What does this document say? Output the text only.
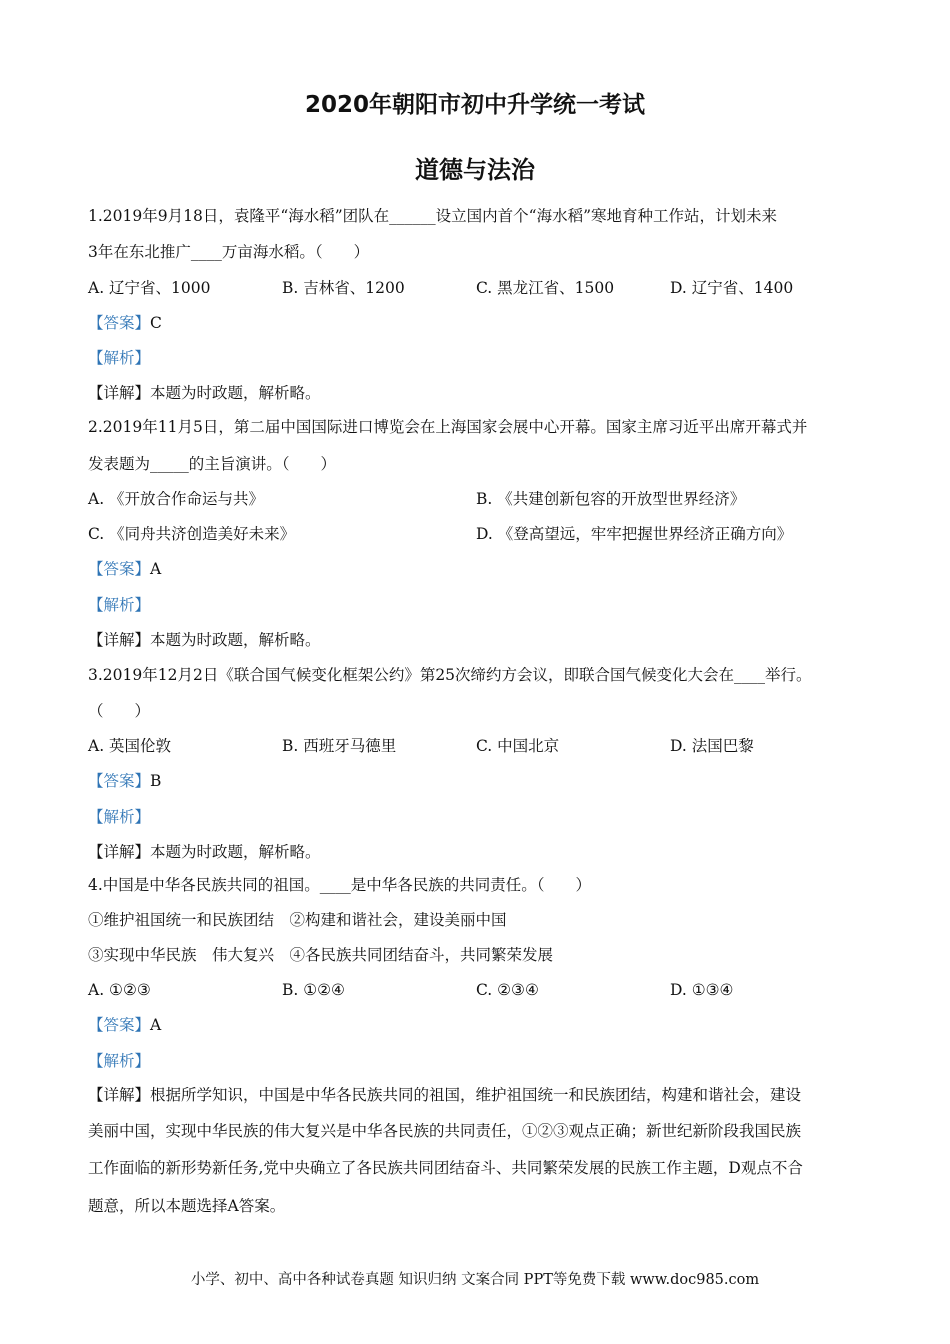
2020年朝阳市初中升学统一考试
道德与法治
1.2019年9月18日，袁隆平“海水稻”团队在______设立国内首个“海水稻”寒地育种工作站，计划未来
3年在东北推广____万亩海水稻。（　　）
A. 辽宁省、1000	B. 吉林省、1200	C. 黑龙江省、1500	D. 辽宁省、1400
【答案】C
【解析】
【详解】本题为时政题，解析略。
2.2019年11月5日，第二届中国国际进口博览会在上海国家会展中心开幕。国家主席习近平出席开幕式并
发表题为_____的主旨演讲。（　　）
A. 《开放合作命运与共》	B. 《共建创新包容的开放型世界经济》
C. 《同舟共济创造美好未来》	D. 《登高望远，牢牢把握世界经济正确方向》
【答案】A
【解析】
【详解】本题为时政题，解析略。
3.2019年12月2日《联合国气候变化框架公约》第25次缔约方会议，即联合国气候变化大会在____举行。
（　　）
A. 英国伦敦	B. 西班牙马德里	C. 中国北京	D. 法国巴黎
【答案】B
【解析】
【详解】本题为时政题，解析略。
4.中国是中华各民族共同的祖国。____是中华各民族的共同责任。（　　）
①维护祖国统一和民族团结　②构建和谐社会，建设美丽中国
③实现中华民族　伟大复兴　④各民族共同团结奋斗，共同繁荣发展
A. ①②③	B. ①②④	C. ②③④	D. ①③④
【答案】A
【解析】
【详解】根据所学知识，中国是中华各民族共同的祖国，维护祖国统一和民族团结，构建和谐社会，建设
美丽中国，实现中华民族的伟大复兴是中华各民族的共同责任，①②③观点正确；新世纪新阶段我国民族
工作面临的新形势新任务,党中央确立了各民族共同团结奋斗、共同繁荣发展的民族工作主题，D观点不合
题意，所以本题选择A答案。
小学、初中、高中各种试卷真题 知识归纳 文案合同 PPT等免费下载 www.doc985.com
